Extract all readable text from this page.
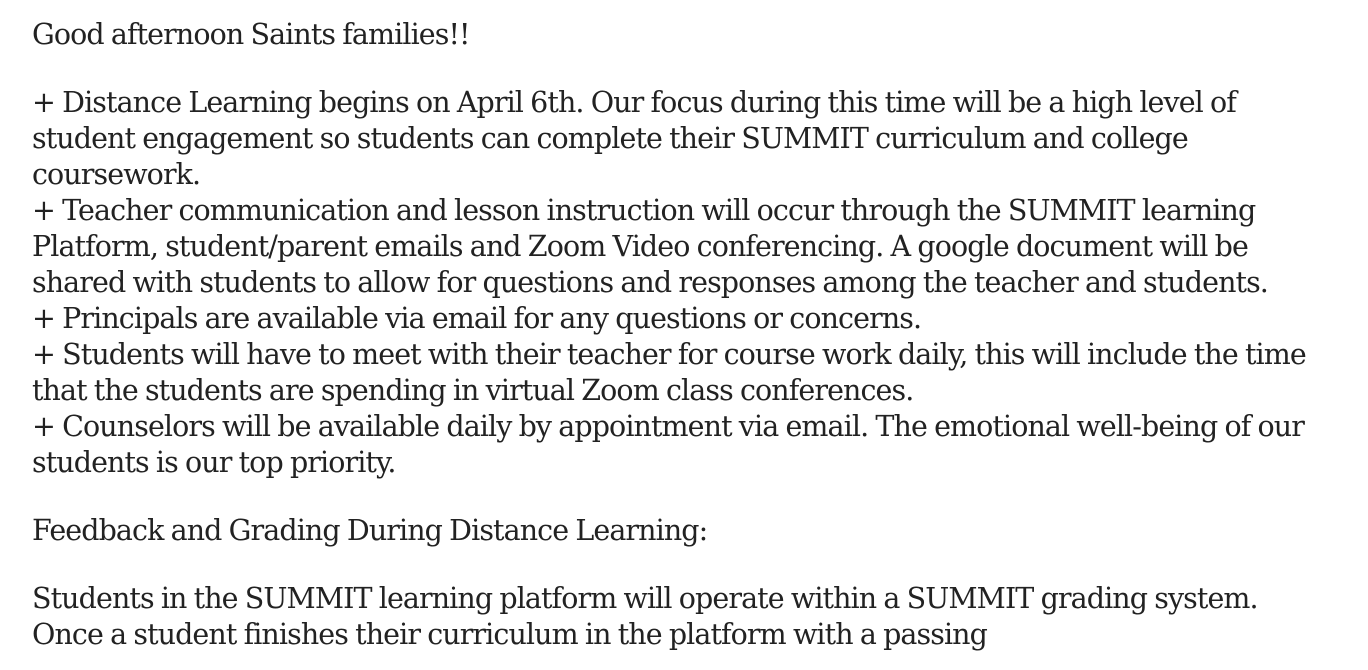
Good afternoon Saints families!!

+ Distance Learning begins on April 6th. Our focus during this time will be a high level of

student engagement so students can complete their SUMMIT curriculum and college

coursework.

+ Teacher communication and lesson instruction will occur through the SUMMIT learning

Platform, student/parent emails and Zoom Video conferencing. A google document will be

shared with students to allow for questions and responses among the teacher and students.

+ Principals are available via email for any questions or concerns.

+ Students will have to meet with their teacher for course work daily, this will include the time

that the students are spending in virtual Zoom class conferences.

+ Counselors will be available daily by appointment via email. The emotional well-being of our

students is our top priority.

Feedback and Grading During Distance Learning:

Students in the SUMMIT learning platform will operate within a SUMMIT grading system.

Once a student finishes their curriculum in the platform with a passing
